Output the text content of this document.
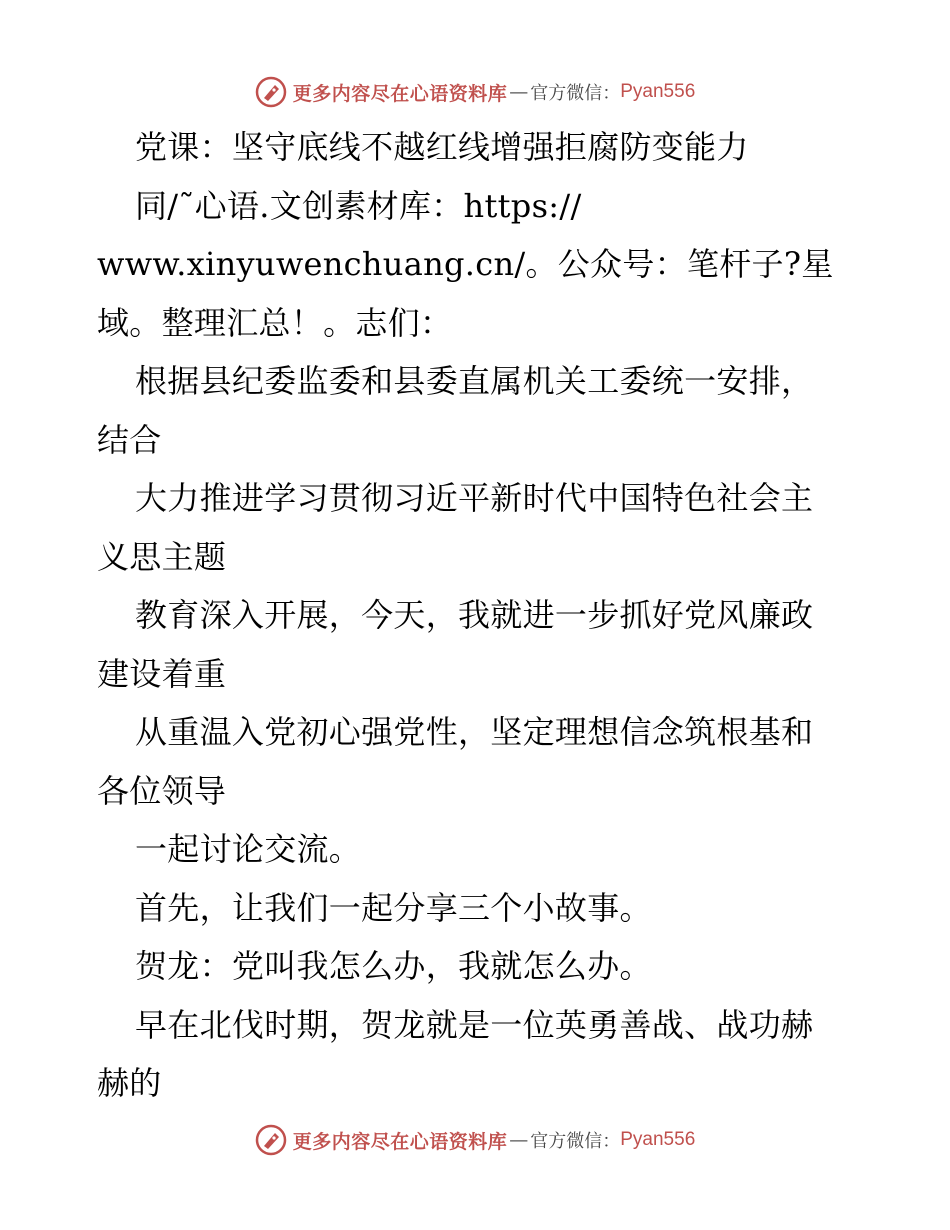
更多内容尽在心语资料库 — 官方微信： Pyan556
党课：坚守底线不越红线增强拒腐防变能力
同/˜心语.文创素材库：https://
www.xinyuwenchuang.cn/。公众号：笔杆子?星
域。整理汇总！。志们：
根据县纪委监委和县委直属机关工委统一安排，
结合
大力推进学习贯彻习近平新时代中国特色社会主
义思主题
教育深入开展，今天，我就进一步抓好党风廉政
建设着重
从重温入党初心强党性，坚定理想信念筑根基和
各位领导
一起讨论交流。
首先，让我们一起分享三个小故事。
贺龙：党叫我怎么办，我就怎么办。
早在北伐时期，贺龙就是一位英勇善战、战功赫
赫的
更多内容尽在心语资料库 — 官方微信： Pyan556
